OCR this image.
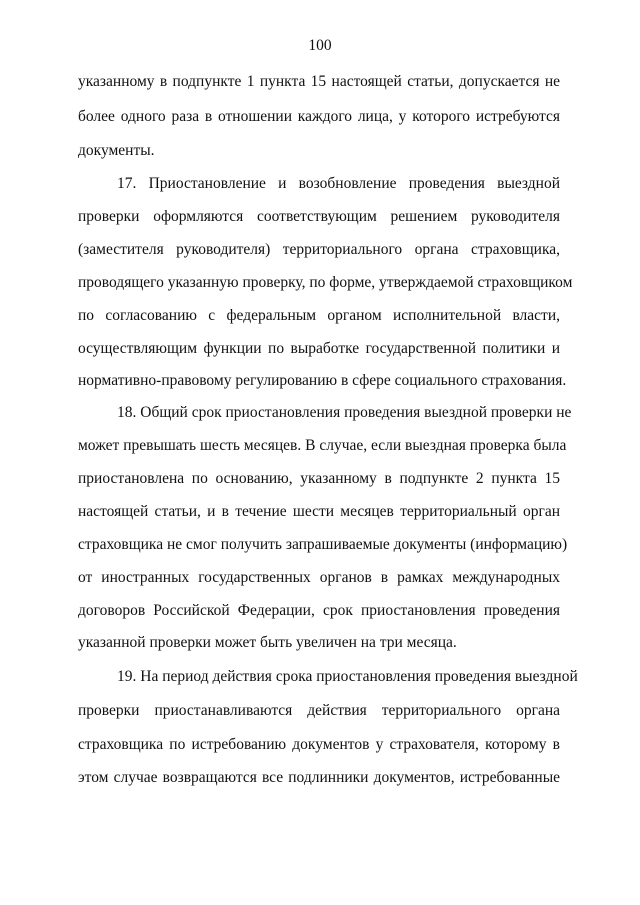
100
указанному в подпункте 1 пункта 15 настоящей статьи, допускается не
более одного раза в отношении каждого лица, у которого истребуются
документы.
17. Приостановление и возобновление проведения выездной
проверки оформляются соответствующим решением руководителя
(заместителя руководителя) территориального органа страховщика,
проводящего указанную проверку, по форме, утверждаемой страховщиком
по согласованию с федеральным органом исполнительной власти,
осуществляющим функции по выработке государственной политики и
нормативно-правовому регулированию в сфере социального страхования.
18. Общий срок приостановления проведения выездной проверки не
может превышать шесть месяцев. В случае, если выездная проверка была
приостановлена по основанию, указанному в подпункте 2 пункта 15
настоящей статьи, и в течение шести месяцев территориальный орган
страховщика не смог получить запрашиваемые документы (информацию)
от иностранных государственных органов в рамках международных
договоров Российской Федерации, срок приостановления проведения
указанной проверки может быть увеличен на три месяца.
19. На период действия срока приостановления проведения выездной
проверки приостанавливаются действия территориального органа
страховщика по истребованию документов у страхователя, которому в
этом случае возвращаются все подлинники документов, истребованные
